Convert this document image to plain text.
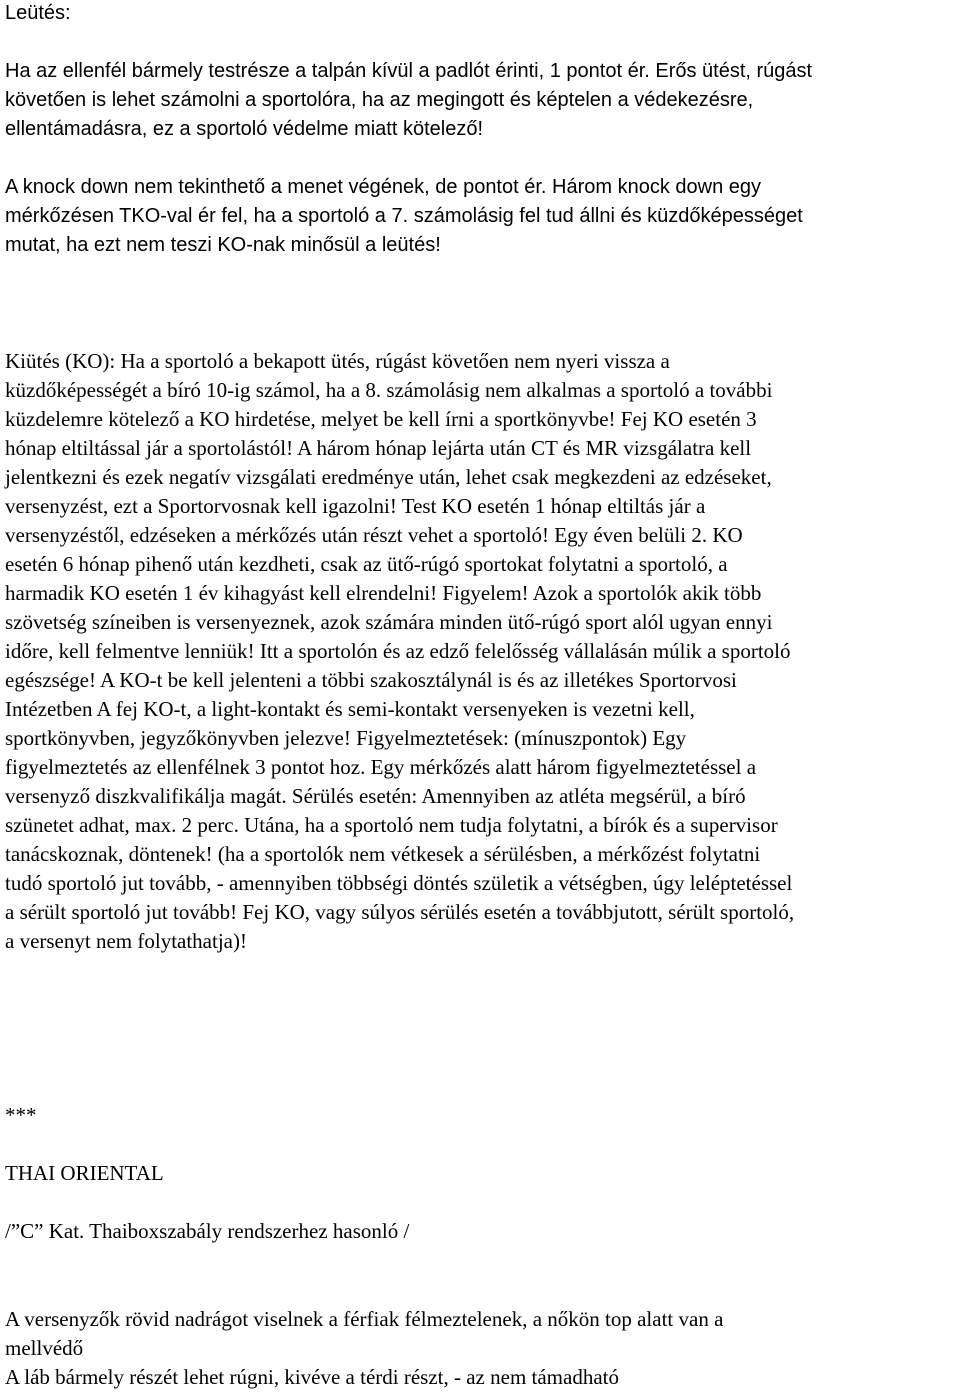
Leütés:
Ha az ellenfél bármely testrésze a talpán kívül a padlót érinti, 1 pontot ér. Erős ütést, rúgást
követően is lehet számolni a sportolóra, ha az megingott és képtelen a védekezésre,
ellentámadásra, ez a sportoló védelme miatt kötelező!
A knock down nem tekinthető a menet végének, de pontot ér. Három knock down egy
mérkőzésen TKO-val ér fel, ha a sportoló a 7. számolásig fel tud állni és küzdőképességet
mutat, ha ezt nem teszi KO-nak minősül a leütés!
Kiütés (KO): Ha a sportoló a bekapott ütés, rúgást követően nem nyeri vissza a
küzdőképességét a bíró 10-ig számol, ha a 8. számolásig nem alkalmas a sportoló a további
küzdelemre kötelező a KO hirdetése, melyet be kell írni a sportkönyvbe! Fej KO esetén 3
hónap eltiltással jár a sportolástól! A három hónap lejárta után CT és MR vizsgálatra kell
jelentkezni és ezek negatív vizsgálati eredménye után, lehet csak megkezdeni az edzéseket,
versenyzést, ezt a Sportorvosnak kell igazolni! Test KO esetén 1 hónap eltiltás jár a
versenyzéstől, edzéseken a mérkőzés után részt vehet a sportoló! Egy éven belüli 2. KO
esetén 6 hónap pihenő után kezdheti, csak az ütő-rúgó sportokat folytatni a sportoló, a
harmadik KO esetén 1 év kihagyást kell elrendelni! Figyelem! Azok a sportolók akik több
szövetség színeiben is versenyeznek, azok számára minden ütő-rúgó sport alól ugyan ennyi
időre, kell felmentve lenniük! Itt a sportolón és az edző felelősség vállalásán múlik a sportoló
egészsége! A KO-t be kell jelenteni a többi szakosztálynál is és az illetékes Sportorvosi
Intézetben A fej KO-t, a light-kontakt és semi-kontakt versenyeken is vezetni kell,
sportkönyvben, jegyzőkönyvben jelezve! Figyelmeztetések: (mínuszpontok) Egy
figyelmeztetés az ellenfélnek 3 pontot hoz. Egy mérkőzés alatt három figyelmeztetéssel a
versenyző diszkvalifikálja magát. Sérülés esetén: Amennyiben az atléta megsérül, a bíró
szünetet adhat, max. 2 perc. Utána, ha a sportoló nem tudja folytatni, a bírók és a supervisor
tanácskoznak, döntenek! (ha a sportolók nem vétkesek a sérülésben, a mérkőzést folytatni
tudó sportoló jut tovább, - amennyiben többségi döntés születik a vétségben, úgy leléptetéssel
a sérült sportoló jut tovább! Fej KO, vagy súlyos sérülés esetén a továbbjutott, sérült sportoló,
a versenyt nem folytathatja)!
***
THAI ORIENTAL
/”C” Kat. Thaiboxszabály rendszerhez hasonló /
A versenyzők rövid nadrágot viselnek a férfiak félmeztelenek, a nőkön top alatt van a
mellvédő
A láb bármely részét lehet rúgni, kivéve a térdi részt, - az nem támadható
